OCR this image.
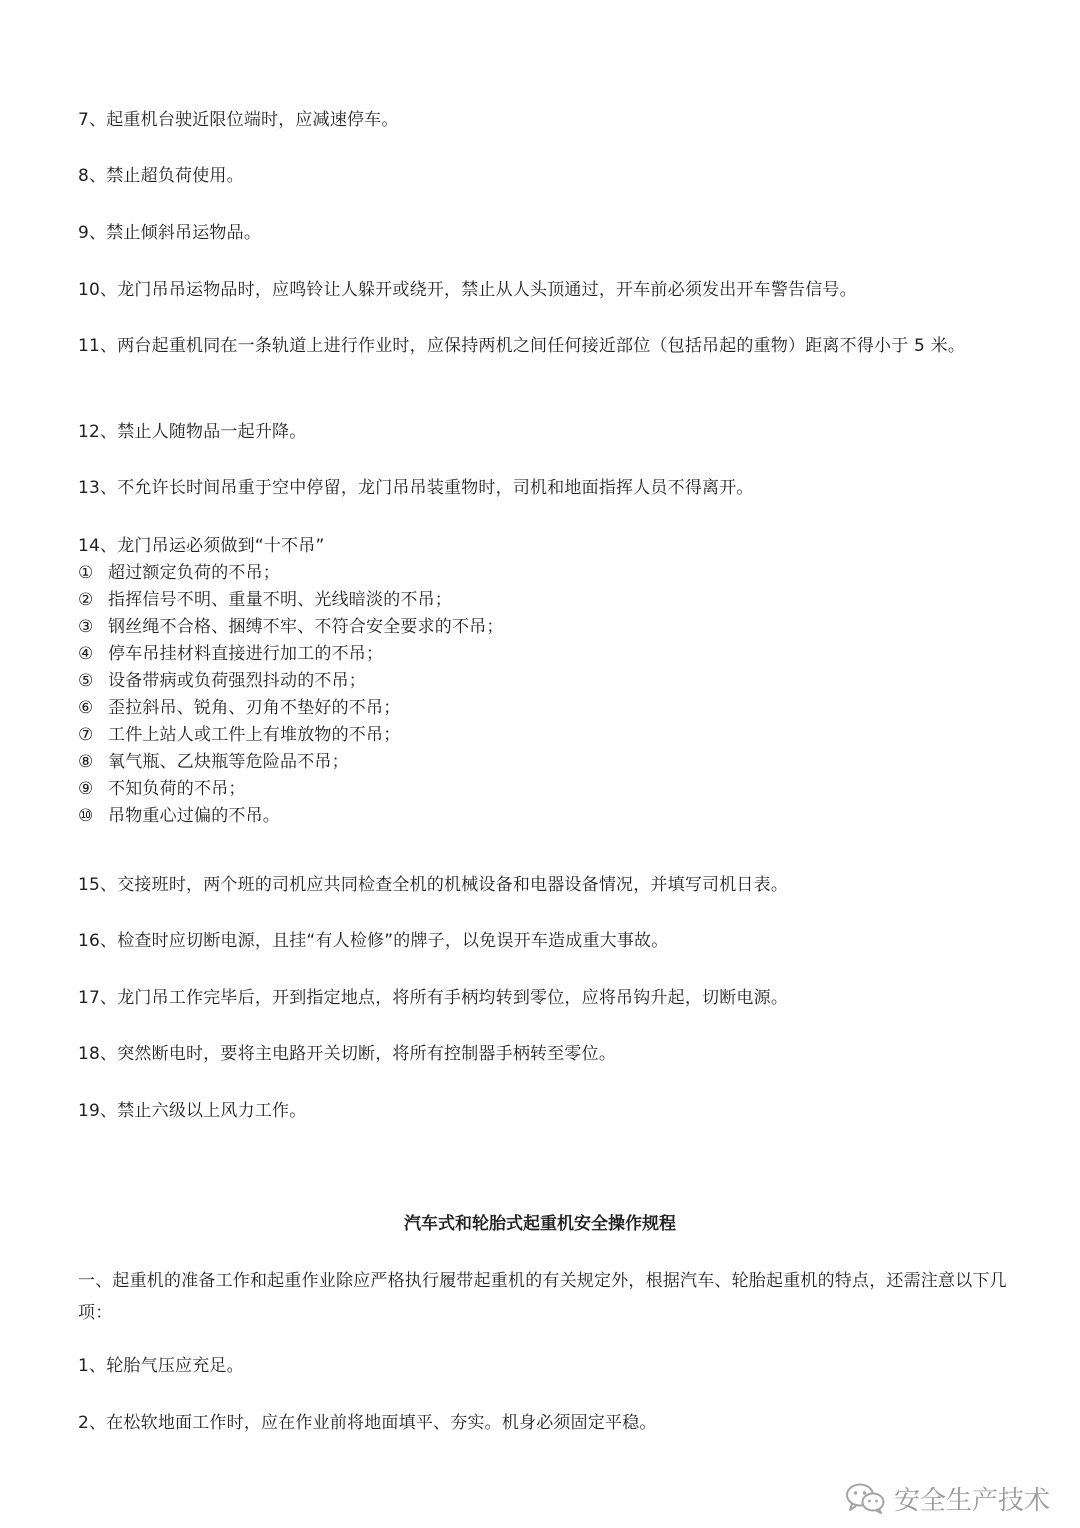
7、起重机台驶近限位端时，应减速停车。
8、禁止超负荷使用。
9、禁止倾斜吊运物品。
10、龙门吊吊运物品时，应鸣铃让人躲开或绕开，禁止从人头顶通过，开车前必须发出开车警告信号。
11、两台起重机同在一条轨道上进行作业时，应保持两机之间任何接近部位（包括吊起的重物）距离不得小于 5 米。
12、禁止人随物品一起升降。
13、不允许长时间吊重于空中停留，龙门吊吊装重物时，司机和地面指挥人员不得离开。
14、龙门吊运必须做到“十不吊”
① 超过额定负荷的不吊；
② 指挥信号不明、重量不明、光线暗淡的不吊；
③ 钢丝绳不合格、捆缚不牢、不符合安全要求的不吊；
④ 停车吊挂材料直接进行加工的不吊；
⑤ 设备带病或负荷强烈抖动的不吊；
⑥ 歪拉斜吊、锐角、刃角不垫好的不吊；
⑦ 工件上站人或工件上有堆放物的不吊；
⑧ 氧气瓶、乙炔瓶等危险品不吊；
⑨ 不知负荷的不吊；
⑩ 吊物重心过偏的不吊。
15、交接班时，两个班的司机应共同检查全机的机械设备和电器设备情况，并填写司机日表。
16、检查时应切断电源，且挂“有人检修”的牌子，以免误开车造成重大事故。
17、龙门吊工作完毕后，开到指定地点，将所有手柄均转到零位，应将吊钩升起，切断电源。
18、突然断电时，要将主电路开关切断，将所有控制器手柄转至零位。
19、禁止六级以上风力工作。
汽车式和轮胎式起重机安全操作规程
一、起重机的准备工作和起重作业除应严格执行履带起重机的有关规定外，根据汽车、轮胎起重机的特点，还需注意以下几项：
1、轮胎气压应充足。
2、在松软地面工作时，应在作业前将地面填平、夯实。机身必须固定平稳。
安全生产技术
